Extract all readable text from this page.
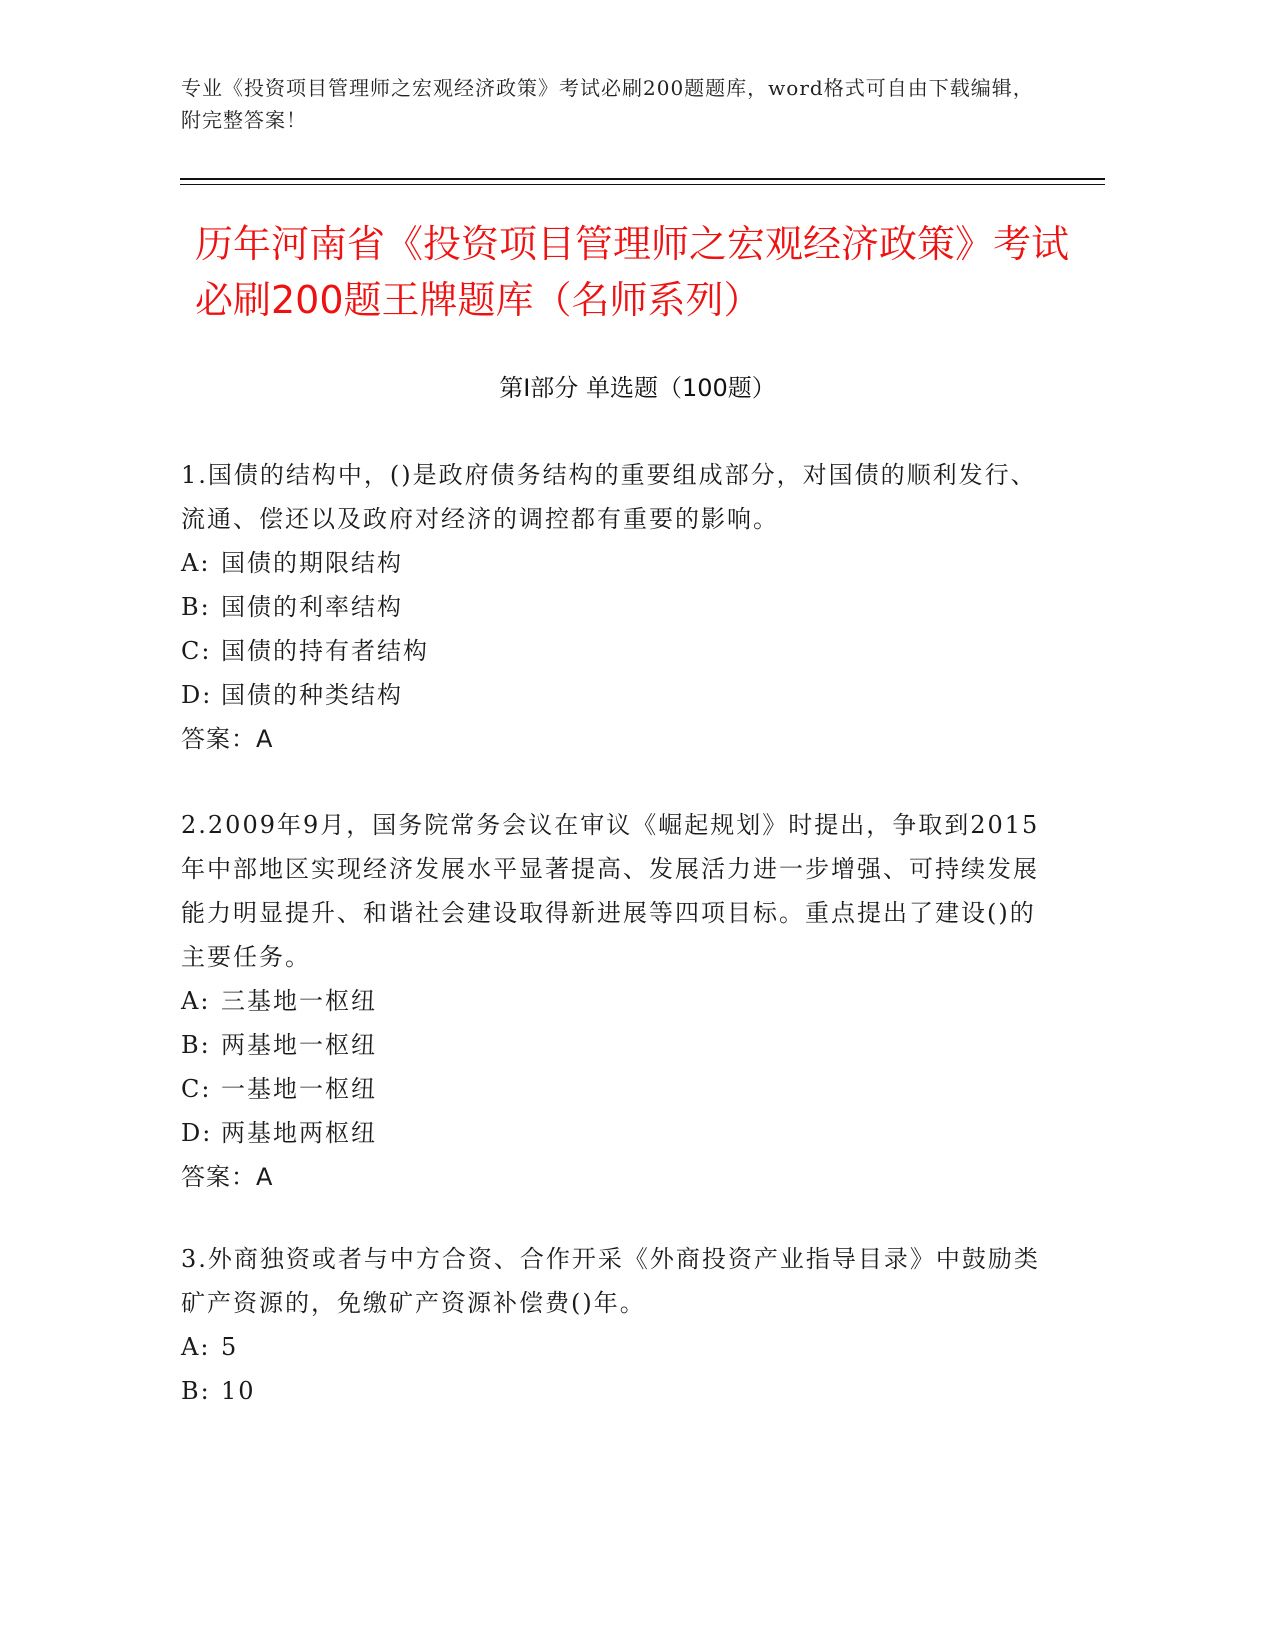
专业《投资项目管理师之宏观经济政策》考试必刷200题题库，word格式可自由下载编辑，附完整答案！
历年河南省《投资项目管理师之宏观经济政策》考试必刷200题王牌题库（名师系列）
第Ⅰ部分 单选题（100题）
1.国债的结构中，()是政府债务结构的重要组成部分，对国债的顺利发行、流通、偿还以及政府对经济的调控都有重要的影响。
A: 国债的期限结构
B: 国债的利率结构
C: 国债的持有者结构
D: 国债的种类结构
答案：A
2.2009年9月，国务院常务会议在审议《崛起规划》时提出，争取到2015年中部地区实现经济发展水平显著提高、发展活力进一步增强、可持续发展能力明显提升、和谐社会建设取得新进展等四项目标。重点提出了建设()的主要任务。
A: 三基地一枢纽
B: 两基地一枢纽
C: 一基地一枢纽
D: 两基地两枢纽
答案：A
3.外商独资或者与中方合资、合作开采《外商投资产业指导目录》中鼓励类矿产资源的，免缴矿产资源补偿费()年。
A: 5
B: 10
